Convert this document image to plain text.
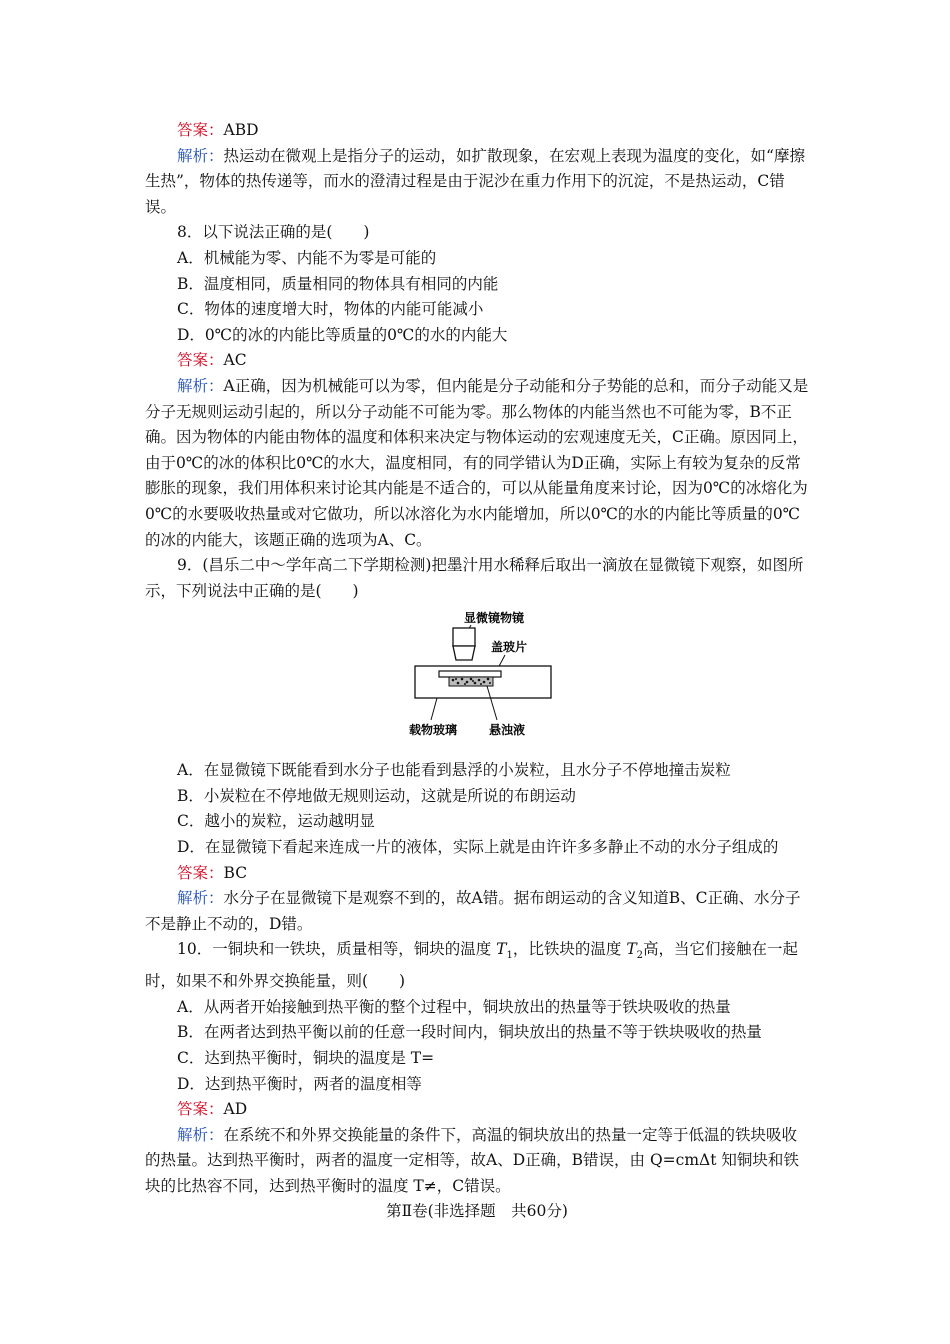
答案：ABD

解析：热运动在微观上是指分子的运动，如扩散现象，在宏观上表现为温度的变化，如“摩擦生热”，物体的热传递等，而水的澄清过程是由于泥沙在重力作用下的沉淀，不是热运动，C错误。

8．以下说法正确的是(　　)

A．机械能为零、内能不为零是可能的

B．温度相同，质量相同的物体具有相同的内能

C．物体的速度增大时，物体的内能可能减小

D．0℃的冰的内能比等质量的0℃的水的内能大

答案：AC

解析：A正确，因为机械能可以为零，但内能是分子动能和分子势能的总和，而分子动能又是分子无规则运动引起的，所以分子动能不可能为零。那么物体的内能当然也不可能为零，B不正确。因为物体的内能由物体的温度和体积来决定与物体运动的宏观速度无关，C正确。原因同上，由于0℃的冰的体积比0℃的水大，温度相同，有的同学错认为D正确，实际上有较为复杂的反常膨胀的现象，我们用体积来讨论其内能是不适合的，可以从能量角度来讨论，因为0℃的冰熔化为0℃的水要吸收热量或对它做功，所以冰溶化为水内能增加，所以0℃的水的内能比等质量的0℃的冰的内能大，该题正确的选项为A、C。

9．(昌乐二中～学年高二下学期检测)把墨汁用水稀释后取出一滴放在显微镜下观察，如图所示，下列说法中正确的是(　　)

显微镜物镜
盖玻片
载物玻璃	悬浊液

A．在显微镜下既能看到水分子也能看到悬浮的小炭粒，且水分子不停地撞击炭粒

B．小炭粒在不停地做无规则运动，这就是所说的布朗运动

C．越小的炭粒，运动越明显

D．在显微镜下看起来连成一片的液体，实际上就是由许许多多静止不动的水分子组成的

答案：BC

解析：水分子在显微镜下是观察不到的，故A错。据布朗运动的含义知道B、C正确、水分子不是静止不动的，D错。

10．一铜块和一铁块，质量相等，铜块的温度 $T_1$，比铁块的温度 $T_2$高，当它们接触在一起时，如果不和外界交换能量，则(　　)

A．从两者开始接触到热平衡的整个过程中，铜块放出的热量等于铁块吸收的热量

B．在两者达到热平衡以前的任意一段时间内，铜块放出的热量不等于铁块吸收的热量

C．达到热平衡时，铜块的温度是 T=

D．达到热平衡时，两者的温度相等

答案：AD

解析：在系统不和外界交换能量的条件下，高温的铜块放出的热量一定等于低温的铁块吸收的热量。达到热平衡时，两者的温度一定相等，故A、D正确，B错误，由 Q=cmΔt 知铜块和铁块的比热容不同，达到热平衡时的温度 T≠，C错误。

第Ⅱ卷(非选择题　共60分)
